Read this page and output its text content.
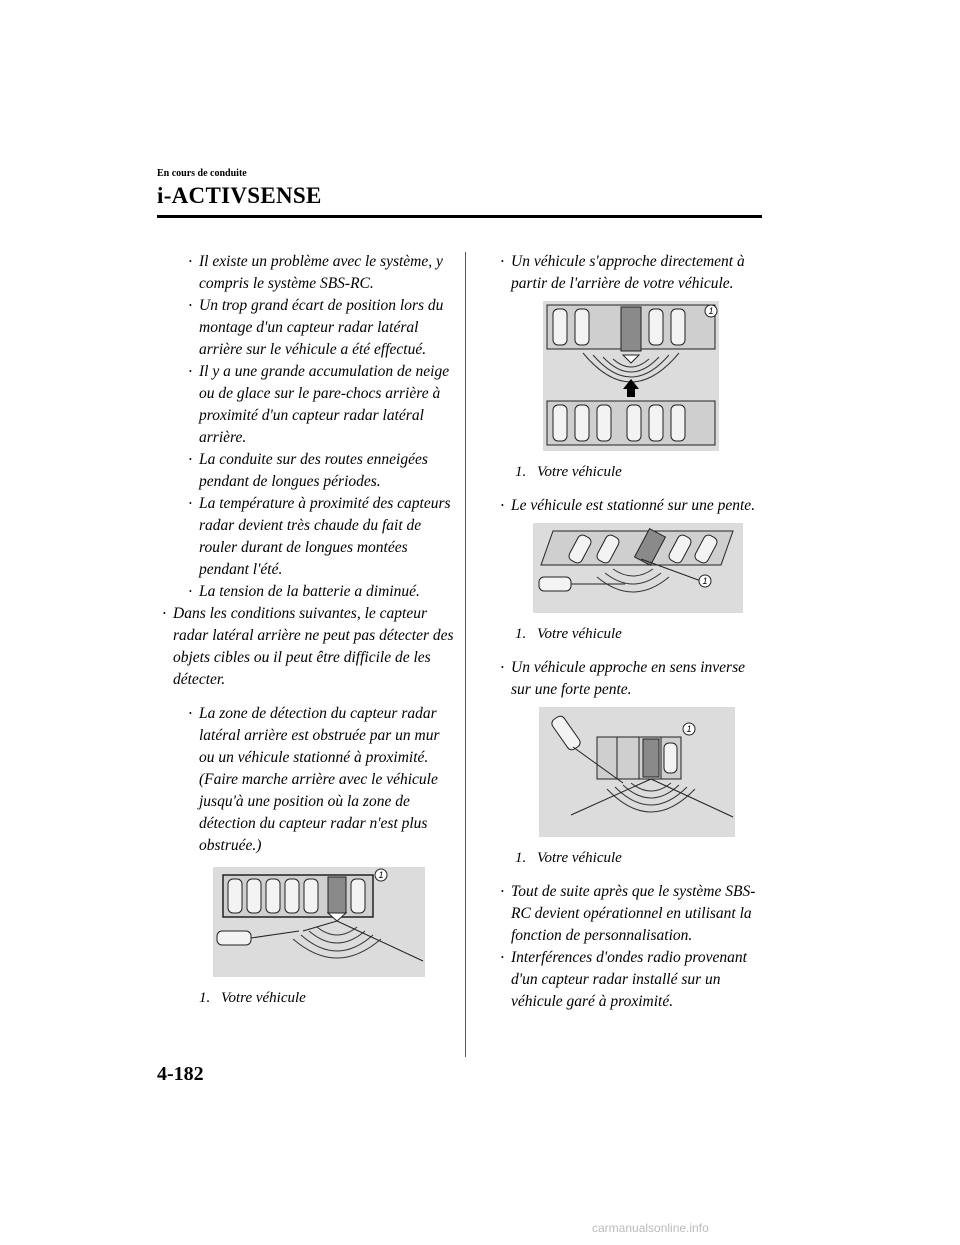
En cours de conduite
i-ACTIVSENSE
• Il existe un problème avec le système, y compris le système SBS-RC.
• Un trop grand écart de position lors du montage d'un capteur radar latéral arrière sur le véhicule a été effectué.
• Il y a une grande accumulation de neige ou de glace sur le pare-chocs arrière à proximité d'un capteur radar latéral arrière.
• La conduite sur des routes enneigées pendant de longues périodes.
• La température à proximité des capteurs radar devient très chaude du fait de rouler durant de longues montées pendant l'été.
• La tension de la batterie a diminué.
• Dans les conditions suivantes, le capteur radar latéral arrière ne peut pas détecter des objets cibles ou il peut être difficile de les détecter.
• La zone de détection du capteur radar latéral arrière est obstruée par un mur ou un véhicule stationné à proximité. (Faire marche arrière avec le véhicule jusqu'à une position où la zone de détection du capteur radar n'est plus obstruée.)
1
1. Votre véhicule
• Un véhicule s'approche directement à partir de l'arrière de votre véhicule.
1
1. Votre véhicule
• Le véhicule est stationné sur une pente.
1
1. Votre véhicule
• Un véhicule approche en sens inverse sur une forte pente.
1
1. Votre véhicule
• Tout de suite après que le système SBS-RC devient opérationnel en utilisant la fonction de personnalisation.
• Interférences d'ondes radio provenant d'un capteur radar installé sur un véhicule garé à proximité.
4-182
carmanualsonline.info
